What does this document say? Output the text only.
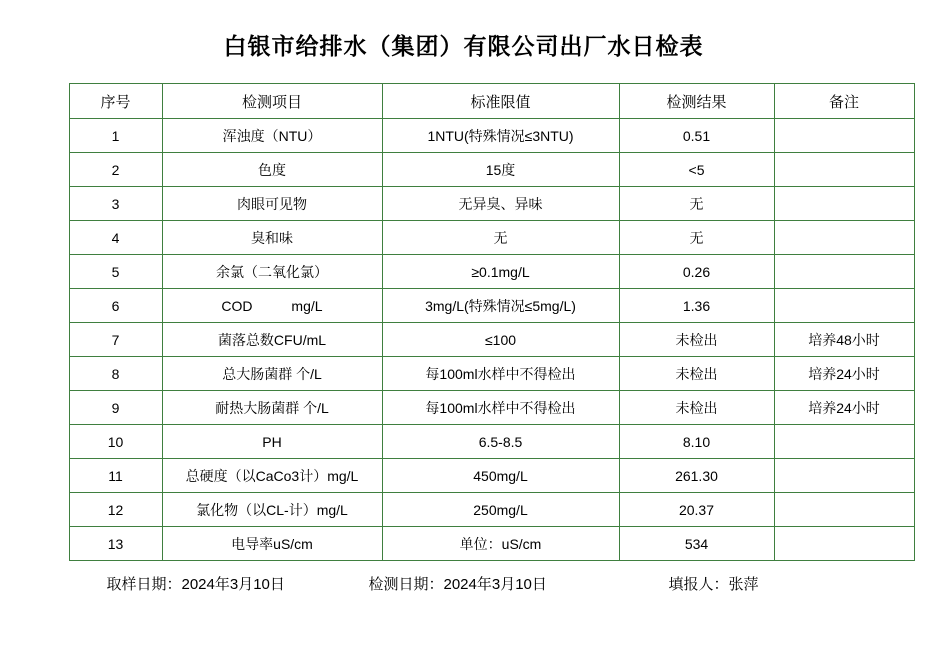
白银市给排水（集团）有限公司出厂水日检表
序号	检测项目	标准限值	检测结果	备注
1	浑浊度（NTU）	1NTU(特殊情况≤3NTU)	0.51	
2	色度	15度	<5	
3	肉眼可见物	无异臭、异味	无	
4	臭和味	无	无	
5	余氯（二氧化氯）	≥0.1mg/L	0.26	
6	COD          mg/L	3mg/L(特殊情况≤5mg/L)	1.36	
7	菌落总数CFU/mL	≤100	未检出	培养48小时
8	总大肠菌群 个/L	每100ml水样中不得检出	未检出	培养24小时
9	耐热大肠菌群 个/L	每100ml水样中不得检出	未检出	培养24小时
10	PH	6.5-8.5	8.10	
11	总硬度（以CaCo3计）mg/L	450mg/L	261.30	
12	氯化物（以CL-计）mg/L	250mg/L	20.37	
13	电导率uS/cm	单位：uS/cm	534	
取样日期：2024年3月10日	检测日期：2024年3月10日	填报人：张萍
